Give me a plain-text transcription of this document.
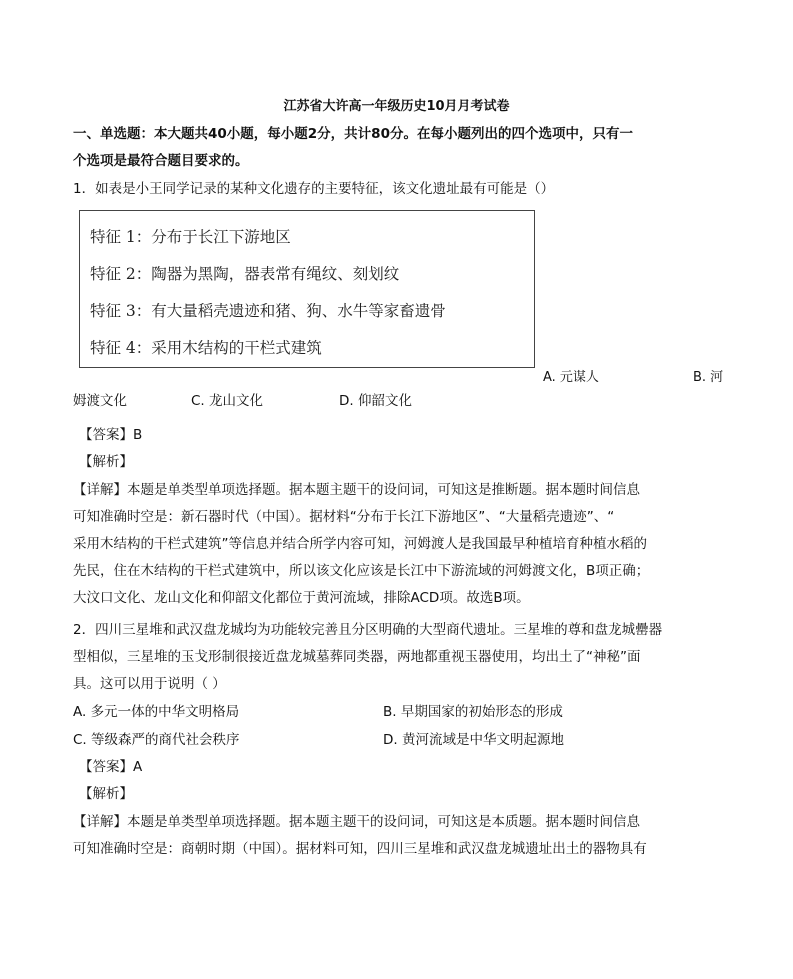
江苏省大许高一年级历史10月月考试卷
一、单选题：本大题共40小题，每小题2分，共计80分。在每小题列出的四个选项中，只有一
个选项是最符合题目要求的。
1．如表是小王同学记录的某种文化遗存的主要特征，该文化遗址最有可能是（）
特征 1：分布于长江下游地区
特征 2：陶器为黑陶，器表常有绳纹、刻划纹
特征 3：有大量稻壳遗迹和猪、狗、水牛等家畜遗骨
特征 4：采用木结构的干栏式建筑
A. 元谋人	B. 河
姆渡文化	C. 龙山文化	D. 仰韶文化
【答案】B
【解析】
【详解】本题是单类型单项选择题。据本题主题干的设问词，可知这是推断题。据本题时间信息
可知准确时空是：新石器时代（中国）。据材料“分布于长江下游地区”、“大量稻壳遗迹”、“
采用木结构的干栏式建筑”等信息并结合所学内容可知，河姆渡人是我国最早种植培育种植水稻的
先民，住在木结构的干栏式建筑中，所以该文化应该是长江中下游流域的河姆渡文化，B项正确；
大汶口文化、龙山文化和仰韶文化都位于黄河流域，排除ACD项。故选B项。
2．四川三星堆和武汉盘龙城均为功能较完善且分区明确的大型商代遗址。三星堆的尊和盘龙城罍器
型相似，三星堆的玉戈形制很接近盘龙城墓葬同类器，两地都重视玉器使用，均出土了“神秘”面
具。这可以用于说明（ ）
A. 多元一体的中华文明格局	B. 早期国家的初始形态的形成
C. 等级森严的商代社会秩序	D. 黄河流域是中华文明起源地
【答案】A
【解析】
【详解】本题是单类型单项选择题。据本题主题干的设问词，可知这是本质题。据本题时间信息
可知准确时空是：商朝时期（中国）。据材料可知，四川三星堆和武汉盘龙城遗址出土的器物具有
